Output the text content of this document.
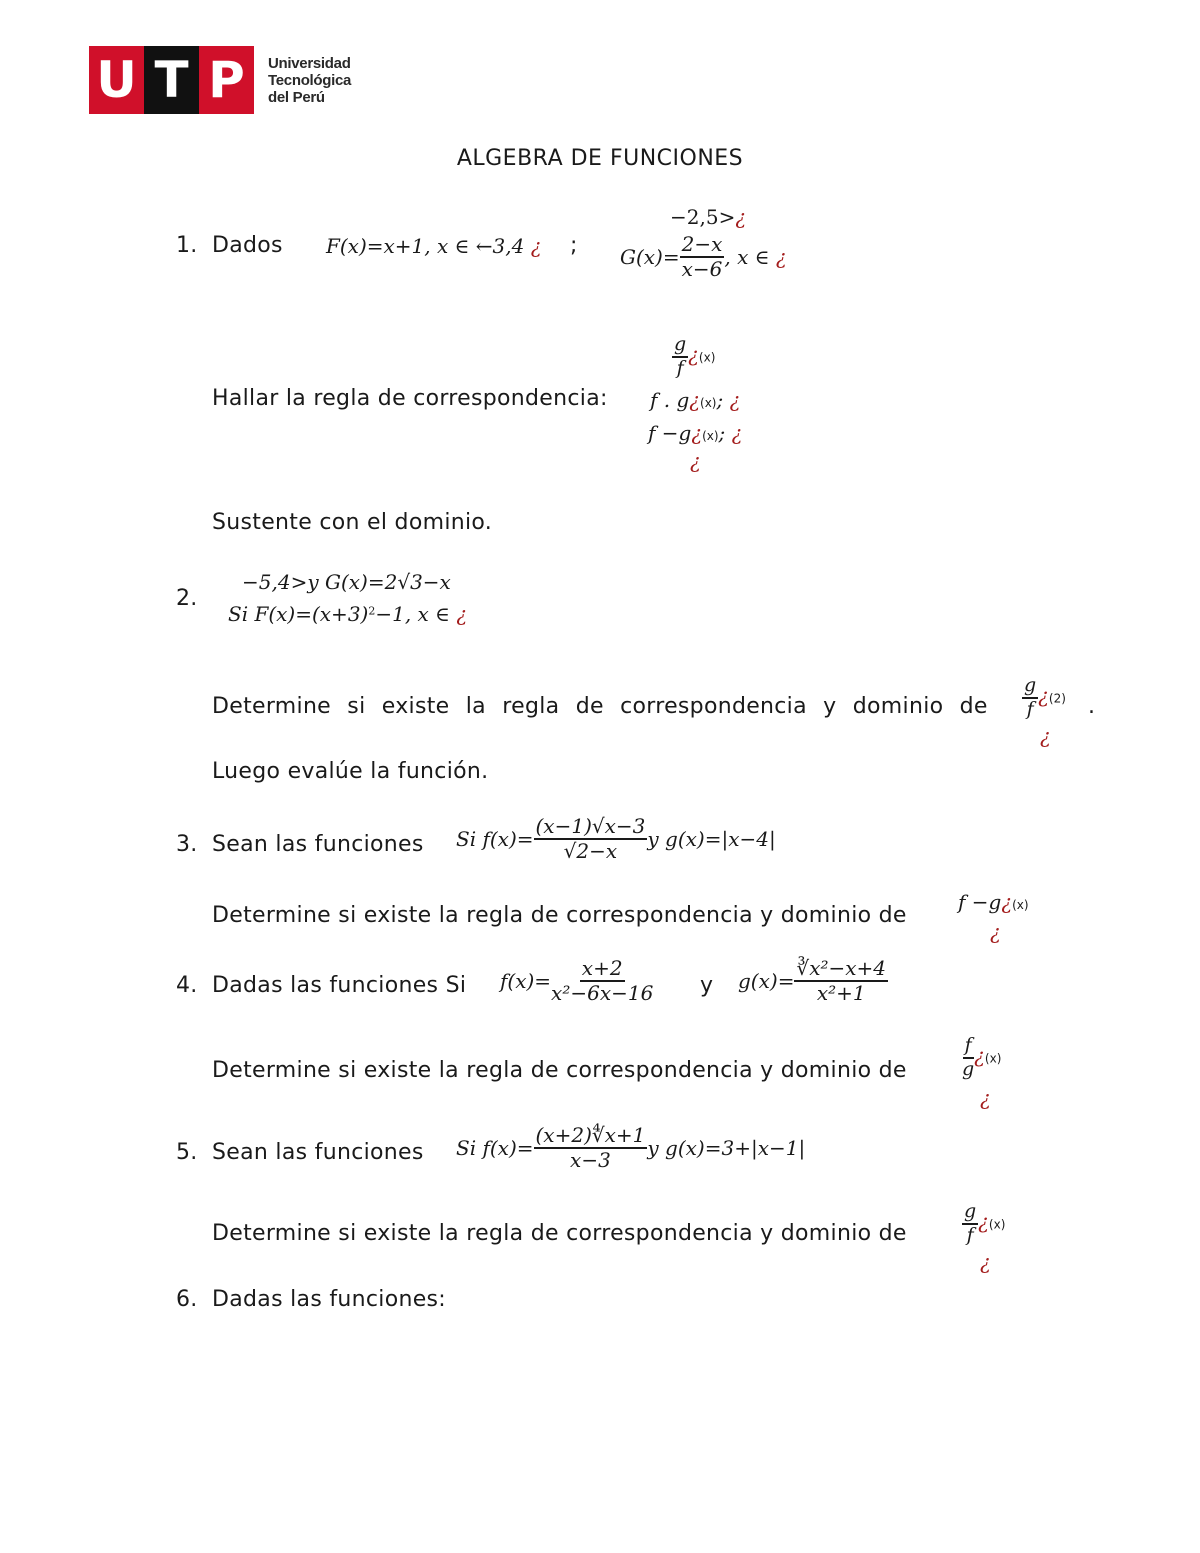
U T P Universidad
Tecnológica
del Perú
ALGEBRA DE FUNCIONES
1. Dados F(x)=x+1, x ∈ ←3,4 ¿ ;
−2,5>¿
$G(x)= \frac{2-x}{x-6}$ , x ∈ ¿
Hallar la regla de correspondencia:
$\frac{g}{f}$ ¿(x)
f . g¿(x); ¿
f −g¿(x); ¿
¿
Sustente con el dominio.
2.
−5,4>y G(x)=2√3−x
Si $F(x)=(x+3)^2-1$, x ∈ ¿
Determine si existe la regla de correspondencia y dominio de $\frac{g}{f}$ ¿(2)
¿
.
Luego evalúe la función.
3. Sean las funciones Si $f(x)= \frac{(x-1)√x-3}{√2-x}$ y g(x)=|x−4|
Determine si existe la regla de correspondencia y dominio de
f −g¿(x)
¿
4. Dadas las funciones Si $f(x)= \frac{x+2}{\text{x²−6x−16}}$ y $g(x)= \frac{\text{∛x²−x+4}}{\text{x²+1}}$
Determine si existe la regla de correspondencia y dominio de	$\frac{f}{g}$ ¿(x)
¿
5. Sean las funciones Si $f(x)= \frac{(x+2)∜x+1}{x-3}$ y g(x)=3+|x−1|
Determine si existe la regla de correspondencia y dominio de	$\frac{g}{f}$ ¿(x)
¿
6. Dadas las funciones:
